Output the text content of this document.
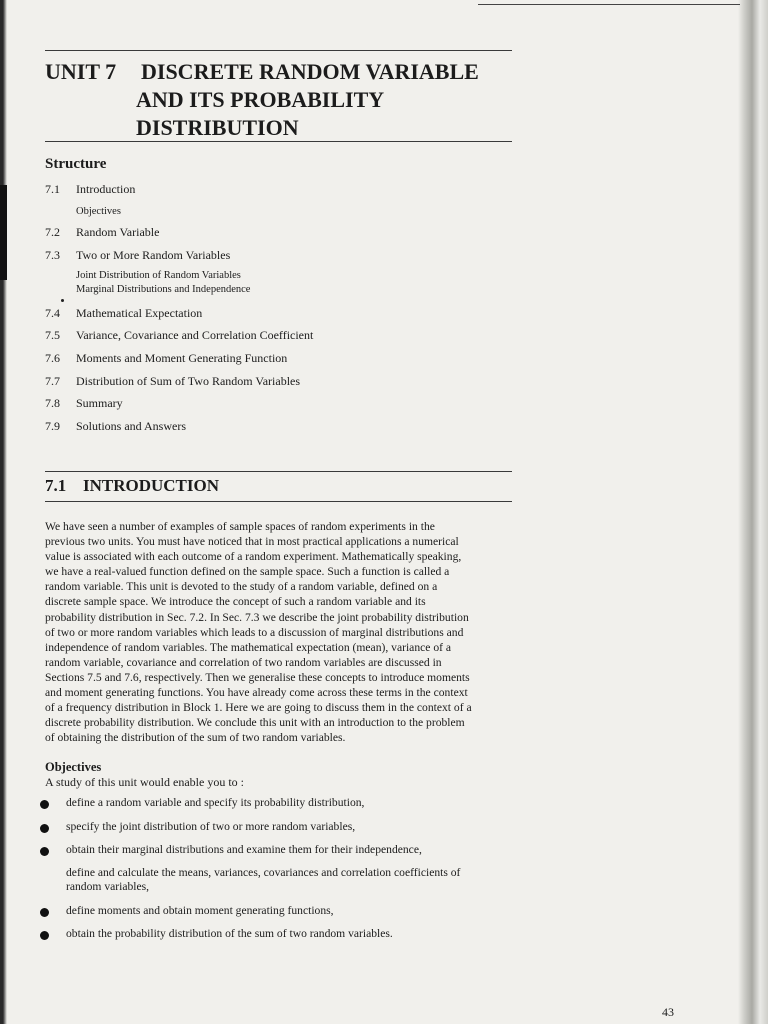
UNIT 7 DISCRETE RANDOM VARIABLE
AND ITS PROBABILITY
DISTRIBUTION
Structure
7.1 Introduction
Objectives
7.2 Random Variable
7.3 Two or More Random Variables
Joint Distribution of Random Variables
Marginal Distributions and Independence
7.4 Mathematical Expectation
7.5 Variance, Covariance and Correlation Coefficient
7.6 Moments and Moment Generating Function
7.7 Distribution of Sum of Two Random Variables
7.8 Summary
7.9 Solutions and Answers
7.1 INTRODUCTION

We have seen a number of examples of sample spaces of random experiments in the
previous two units. You must have noticed that in most practical applications a numerical
value is associated with each outcome of a random experiment. Mathematically speaking,
we have a real-valued function defined on the sample space. Such a function is called a
random variable. This unit is devoted to the study of a random variable, defined on a
discrete sample space. We introduce the concept of such a random variable and its
probability distribution in Sec. 7.2. In Sec. 7.3 we describe the joint probability distribution
of two or more random variables which leads to a discussion of marginal distributions and
independence of random variables. The mathematical expectation (mean), variance of a
random variable, covariance and correlation of two random variables are discussed in
Sections 7.5 and 7.6, respectively. Then we generalise these concepts to introduce moments
and moment generating functions. You have already come across these terms in the context
of a frequency distribution in Block 1. Here we are going to discuss them in the context of a
discrete probability distribution. We conclude this unit with an introduction to the problem
of obtaining the distribution of the sum of two random variables.

Objectives

A study of this unit would enable you to :

define a random variable and specify its probability distribution,
specify the joint distribution of two or more random variables,
obtain their marginal distributions and examine them for their independence,
define and calculate the means, variances, covariances and correlation coefficients of
random variables,
define moments and obtain moment generating functions,
obtain the probability distribution of the sum of two random variables.

43
